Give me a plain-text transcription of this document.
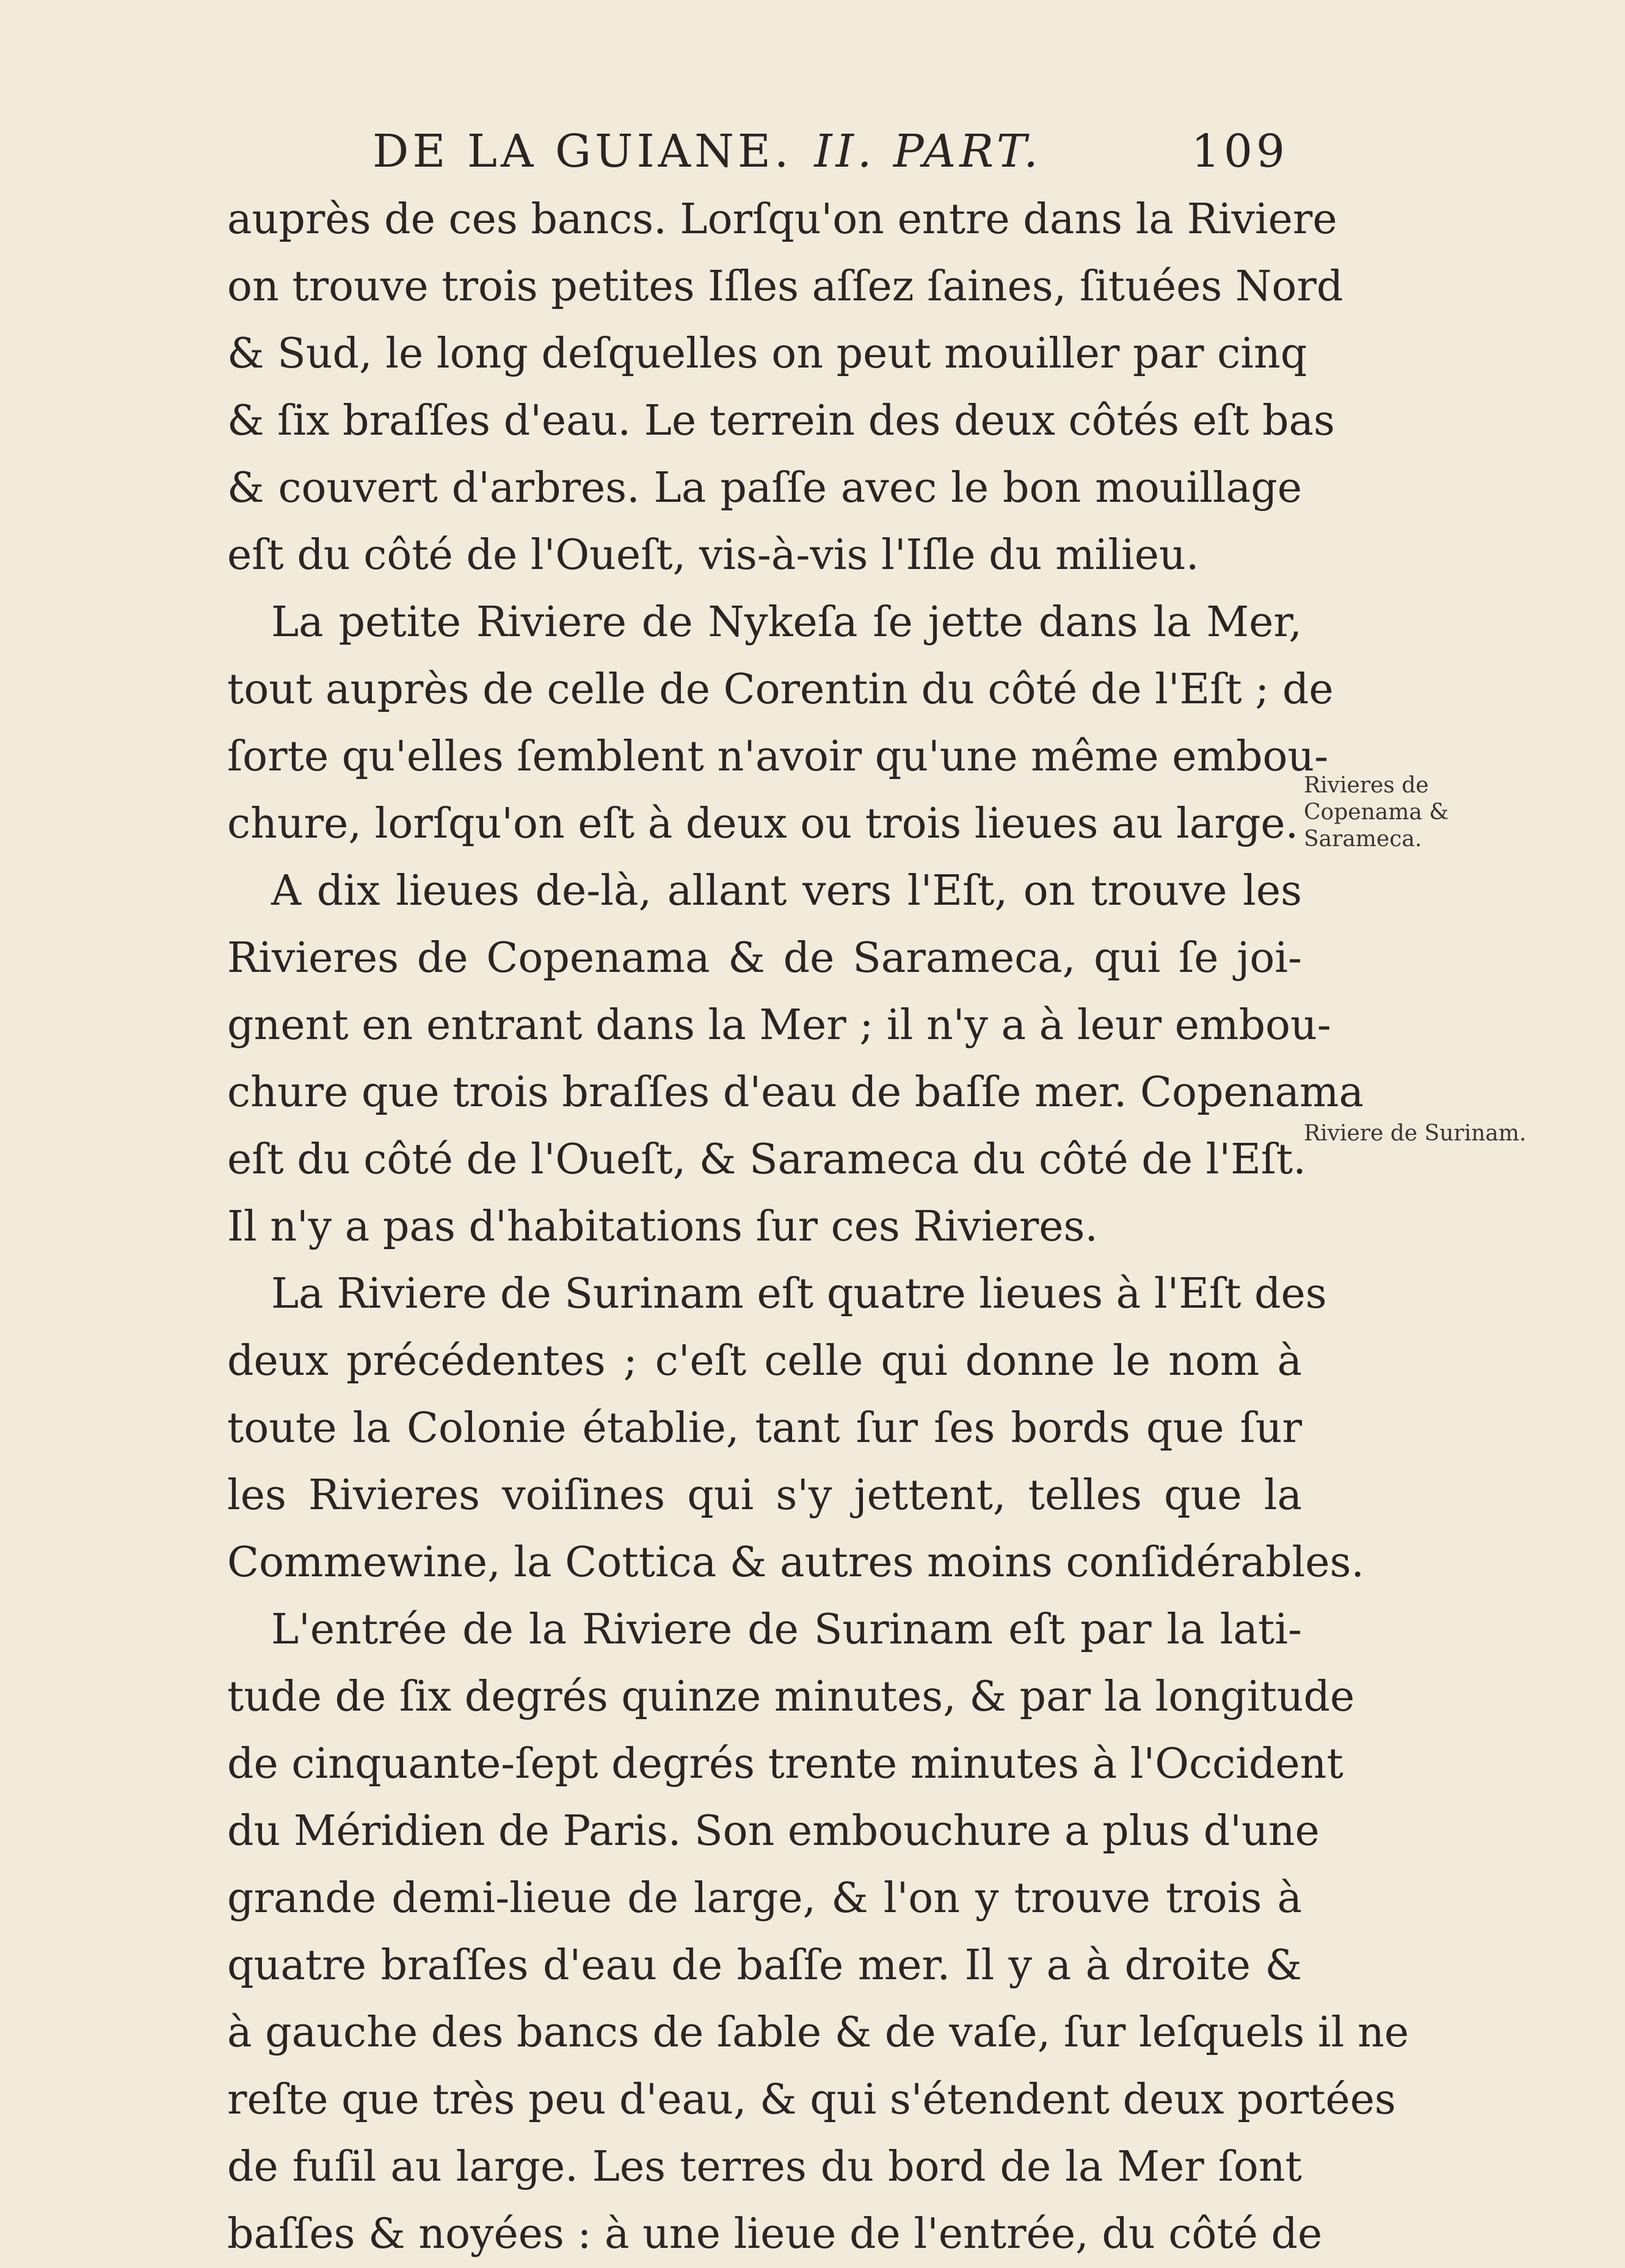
DE LA GUIANE. II. PART.	109
auprès de ces bancs. Lorſqu'on entre dans la Riviere
on trouve trois petites Iſles aſſez ſaines, ſituées Nord
& Sud, le long deſquelles on peut mouiller par cinq
& ſix braſſes d'eau. Le terrein des deux côtés eſt bas
& couvert d'arbres. La paſſe avec le bon mouillage
eſt du côté de l'Oueſt, vis-à-vis l'Iſle du milieu.
La petite Riviere de Nykeſa ſe jette dans la Mer,
tout auprès de celle de Corentin du côté de l'Eſt ; de
ſorte qu'elles ſemblent n'avoir qu'une même embou-
chure, lorſqu'on eſt à deux ou trois lieues au large.
A dix lieues de-là, allant vers l'Eſt, on trouve les
Rivieres de Copenama & de Sarameca, qui ſe joi-
gnent en entrant dans la Mer ; il n'y a à leur embou-
chure que trois braſſes d'eau de baſſe mer. Copenama
eſt du côté de l'Oueſt, & Sarameca du côté de l'Eſt.
Il n'y a pas d'habitations ſur ces Rivieres.
La Riviere de Surinam eſt quatre lieues à l'Eſt des
deux précédentes ; c'eſt celle qui donne le nom à
toute la Colonie établie, tant ſur ſes bords que ſur
les Rivieres voiſines qui s'y jettent, telles que la
Commewine, la Cottica & autres moins conſidérables.
L'entrée de la Riviere de Surinam eſt par la lati-
tude de ſix degrés quinze minutes, & par la longitude
de cinquante-ſept degrés trente minutes à l'Occident
du Méridien de Paris. Son embouchure a plus d'une
grande demi-lieue de large, & l'on y trouve trois à
quatre braſſes d'eau de baſſe mer. Il y a à droite &
à gauche des bancs de ſable & de vaſe, ſur leſquels il ne
reſte que très peu d'eau, & qui s'étendent deux portées
de fuſil au large. Les terres du bord de la Mer ſont
baſſes & noyées : à une lieue de l'entrée, du côté de
Rivieres de Copenama & Sarameca.
Riviere de Surinam.
